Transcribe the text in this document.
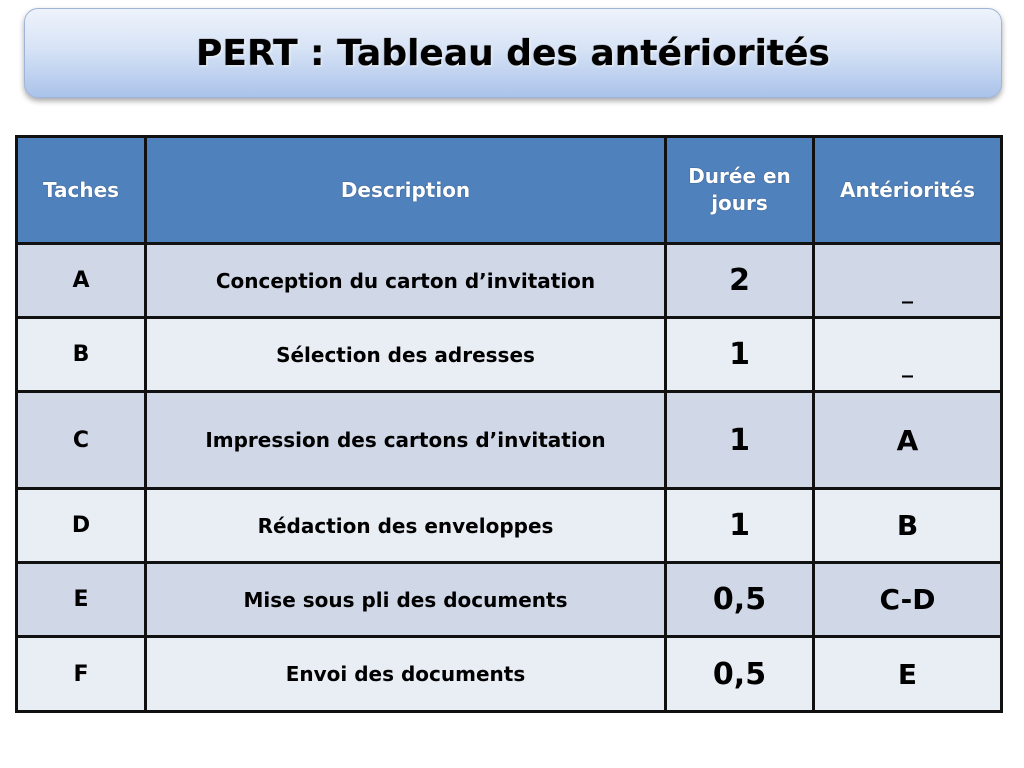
PERT : Tableau des antériorités
Taches	Description	Durée en jours	Antériorités
A	Conception du carton d’invitation	2	_
B	Sélection des adresses	1	_
C	Impression des cartons d’invitation	1	A
D	Rédaction des enveloppes	1	B
E	Mise sous pli des documents	0,5	C-D
F	Envoi des documents	0,5	E
